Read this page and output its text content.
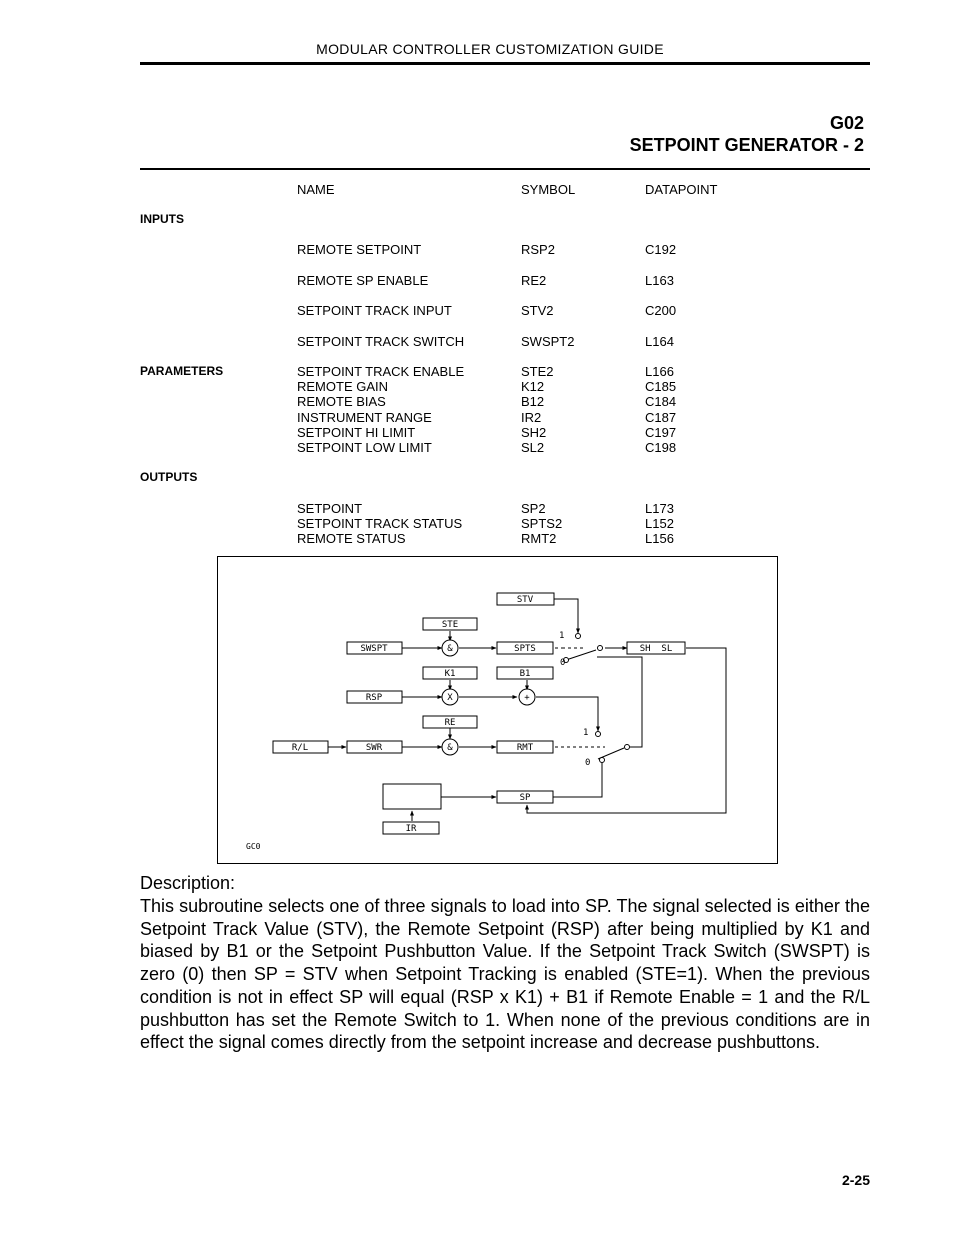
MODULAR CONTROLLER CUSTOMIZATION GUIDE
G02
SETPOINT GENERATOR - 2
NAME	SYMBOL	DATAPOINT
INPUTS
REMOTE SETPOINT	RSP2	C192
REMOTE SP ENABLE	RE2	L163
SETPOINT TRACK INPUT	STV2	C200
SETPOINT TRACK SWITCH	SWSPT2	L164
PARAMETERS	SETPOINT TRACK ENABLE	STE2	L166
REMOTE GAIN	K12	C185
REMOTE BIAS	B12	C184
INSTRUMENT RANGE	IR2	C187
SETPOINT HI LIMIT	SH2	C197
SETPOINT LOW LIMIT	SL2	C198
OUTPUTS
SETPOINT	SP2	L173
SETPOINT TRACK STATUS	SPTS2	L152
REMOTE STATUS	RMT2	L156
STV
STE
SWSPT	SPTS	SH  SL
K1	B1
RSP
RE
R/L	SWR	RMT
SP
IR
&
X	+
&
1
0
1
0
GC0
Description:
This subroutine selects one of three signals to load into SP. The signal selected is either the Setpoint Track Value (STV), the Remote Setpoint (RSP) after being multiplied by K1 and biased by B1 or the Setpoint Pushbutton Value. If the Setpoint Track Switch (SWSPT) is zero (0) then SP = STV when Setpoint Tracking is enabled (STE=1). When the previous condition is not in effect SP will equal (RSP x K1) + B1 if Remote Enable = 1 and the R/L pushbutton has set the Remote Switch to 1. When none of the previous conditions are in effect the signal comes directly from the setpoint increase and decrease pushbuttons.
2-25
